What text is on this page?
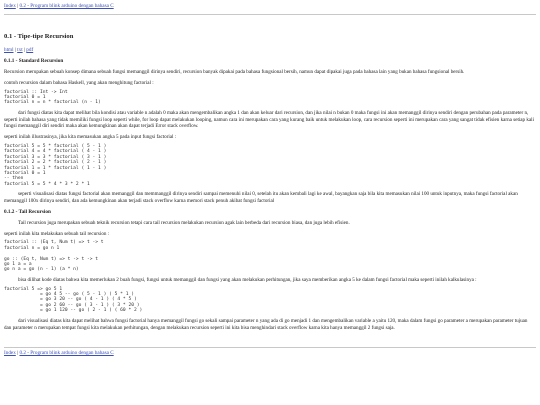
Index | 0.2 - Program blink arduino dengan bahasa C
0.1 - Tipe-tipe Recursion
html | txt | pdf
0.1.1 - Standard Recursion

Recursion merupakan sebuah konsep dimana sebuah fungsi memanggil dirinya sendiri, recursion banyak dipakai pada bahasa fungsional bersih, namun dapat dipakai juga pada bahasa lain yang bukan bahasa fungsional bersih.

contoh recursion dalam bahasa Haskell, yang akan menghitung factorial :

factorial :: Int -> Int
factorial 0 = 1
factorial n = n * factorial (n - 1)

dari fungsi diatas kita dapat melihat bila kondisi atau variable n adalah 0 maka akan mengembalikan angka 1 dan akan keluar dari recursion, dan jika nilai n bukan 0 maka fungsi ini akan memanggil dirinya sendiri dengan perubahan pada parameter n, seperti inilah bahasa yang tidak memiliki fungsi loop seperti while, for loop dapat melakukan looping, namun cara ini merupakan cara yang kurang baik untuk melakukan loop, cara recursion seperti ini merupakan cara yang sangat tidak efisien karna setiap kali fungsi memanggil diri sendiri maka akan kemungkinan akan dapat terjadi Error stack overflow.

seperti inilah illustrasinya, jika kita memasukan angka 5 pada input fungsi factorial :

factorial 5 = 5 * factorial ( 5 - 1 )
factorial 4 = 4 * factorial ( 4 - 1 )
factorial 3 = 3 * factorial ( 3 - 1 )
factorial 2 = 2 * factorial ( 2 - 1 )
factorial 1 = 1 * factorial ( 1 - 1 )
factorial 0 = 1
-- then
factorial 5 = 5 * 4 * 3 * 2 * 1

seperti visualisasi diatas fungsi factorial akan memanggil dan memmanggil dirinya sendiri sampai memenuhi nilai 0, setelah itu akan kembali lagi ke awal, bayangkan saja bila kita memasukan nilai 100 untuk inputnya, maka fungsi factorial akan memanggil 100x dirinya sendiri, dan ada kemungkinan akan terjadi stack overflow karna memori stack penuh akibat fungsi factorial

0.1.2 - Tail Recursion

Tail recursion juga merupakan sebuah teknik recursion tetapi cara tail recursion melakukan recursion agak lain berbeda dari recursion biasa, dan juga lebih efisien.

seperti inilah kita melakukan sebuah tail recursion :

factorial :: (Eq t, Num t) => t -> t
factorial n = go n 1

go :: (Eq t, Num t) => t -> t -> t
go 1 a = a
go n a = go (n - 1) (a * n)

bisa dilihat kode diatas bahwa kita memerlukan 2 buah fungsi, fungsi untuk memanggil dan fungsi yang akan melakukan perhitungan, jika saya memberikan angka 5 ke dalam fungsi factorial maka seperti inilah kalkulasinya :

factorial 5 => go 5 1
= go 4 5 -- go ( 5 - 1 ) ( 5 * 1 )
= go 3 20 -- go ( 4 - 1 ) ( 4 * 5 )
= go 2 60 -- go ( 3 - 1 ) ( 3 * 20 )
= go 1 120 -- go ( 2 - 1 ) ( 60 * 2 )

dari visualisasi diatas kita dapat melihat bahwa fungsi factorial hanya memanggil fungsi go sekali sampai parameter n yang ada di go menjadi 1 dan mengembalikan variable a yaitu 120, maka dalam fungsi go parameter a merupakan parameter tujuan dan parameter n merupakan tempat fungsi kita melakukan perhitungan, dengan melakukan recursion seperti ini kita bisa menghindari stack overflow karna kita hanya memanggil 2 fungsi saja.

Index | 0.2 - Program blink arduino dengan bahasa C
